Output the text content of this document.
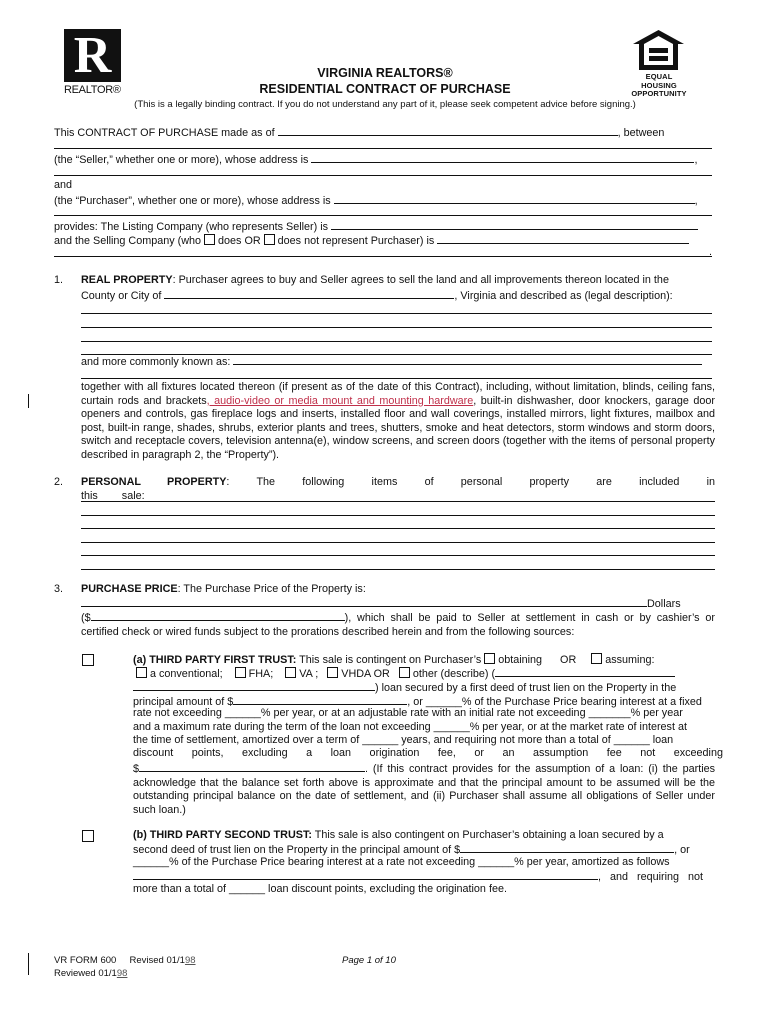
R
REALTOR®
EQUAL HOUSING
OPPORTUNITY
VIRGINIA REALTORS®
RESIDENTIAL CONTRACT OF PURCHASE
(This is a legally binding contract. If you do not understand any part of it, please seek competent advice before signing.)
This CONTRACT OF PURCHASE made as of	, between
(the “Seller,” whether one or more), whose address is	,
and
(the “Purchaser”, whether one or more), whose address is	,
provides: The Listing Company (who represents Seller) is
and the Selling Company (who does OR does not represent Purchaser) is
.
1. REAL PROPERTY: Purchaser agrees to buy and Seller agrees to sell the land and all improvements thereon located in the
County or City of	, Virginia and described as (legal description):
and more commonly known as:
together with all fixtures located thereon (if present as of the date of this Contract), including, without limitation, blinds, ceiling fans, curtain rods and brackets, audio-video or media mount and mounting hardware, built-in dishwasher, door knockers, garage door openers and controls, gas fireplace logs and inserts, installed floor and wall coverings, installed mirrors, light fixtures, mailbox and post, built-in range, shades, shrubs, exterior plants and trees, shutters, smoke and heat detectors, storm windows and storm doors, switch and receptacle covers, television antenna(e), window screens, and screen doors (together with the items of personal property described in paragraph 2, the “Property”).
2. PERSONAL PROPERTY: The following items of personal property are included in this sale:
3. PURCHASE PRICE: The Purchase Price of the Property is:
Dollars
($	), which shall be paid to Seller at settlement in cash or by cashier’s or certified check or wired funds subject to the prorations described herein and from the following sources:
(a) THIRD PARTY FIRST TRUST: This sale is contingent on Purchaser’s obtaining OR	assuming:
a conventional; FHA; VA ; VHDA OR other (describe) (
) loan secured by a first deed of trust lien on the Property in the
principal amount of $	, or ______% of the Purchase Price bearing interest at a fixed
rate not exceeding ______% per year, or at an adjustable rate with an initial rate not exceeding _______% per year
and a maximum rate during the term of the loan not exceeding ______% per year, or at the market rate of interest at
the time of settlement, amortized over a term of ______ years, and requiring not more than a total of ______ loan
discount points, excluding a loan origination fee, or an assumption fee not exceeding
$	. (If this contract provides for the assumption of a loan: (i) the parties acknowledge that the balance set forth above is approximate and that the principal amount to be assumed will be the outstanding principal balance on the date of settlement, and (ii) Purchaser shall assume all obligations of Seller under such loan.)
(b) THIRD PARTY SECOND TRUST: This sale is also contingent on Purchaser’s obtaining a loan secured by a
second deed of trust lien on the Property in the principal amount of $	, or
______% of the Purchase Price bearing interest at a rate not exceeding ______% per year, amortized as follows
,   and   requiring   not
more than a total of ______ loan discount points, excluding the origination fee.
VR FORM 600 Revised 01/198
Reviewed 01/198
Page 1 of 10
